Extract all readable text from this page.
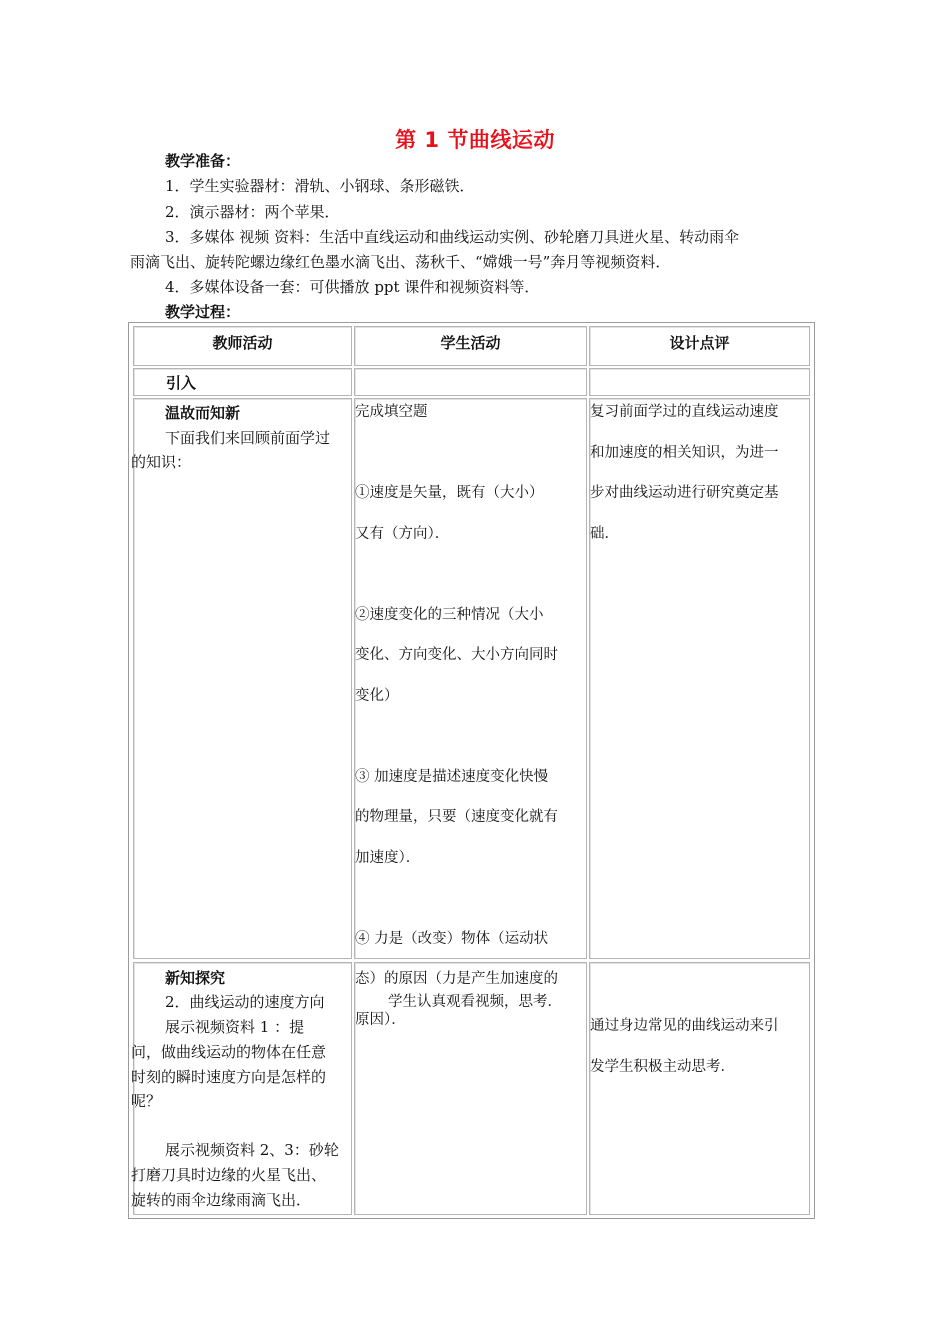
第 1 节曲线运动
教学准备：
1．学生实验器材：滑轨、小钢球、条形磁铁．
2．演示器材：两个苹果．
3．多媒体 视频 资料：生活中直线运动和曲线运动实例、砂轮磨刀具迸火星、转动雨伞
雨滴飞出、旋转陀螺边缘红色墨水滴飞出、荡秋千、“嫦娥一号”奔月等视频资料．
4．多媒体设备一套：可供播放 ppt 课件和视频资料等．
教学过程：
教师活动	学生活动	设计点评
引入
温故而知新
下面我们来回顾前面学过
的知识：
完成填空题

①速度是矢量，既有（大小）
又有（方向）．

②速度变化的三种情况（大小
变化、方向变化、大小方向同时
变化）

③ 加速度是描述速度变化快慢
的物理量，只要（速度变化就有
加速度）．

④ 力是（改变）物体（运动状
态）的原因（力是产生加速度的
原因）．
复习前面学过的直线运动速度
和加速度的相关知识，为进一
步对曲线运动进行研究奠定基
础．
新知探究
2．曲线运动的速度方向
展示视频资料 1 ：提
问，做曲线运动的物体在任意
时刻的瞬时速度方向是怎样的
呢？
展示视频资料 2、3：砂轮
打磨刀具时边缘的火星飞出、
旋转的雨伞边缘雨滴飞出．
学生认真观看视频，思考．
通过身边常见的曲线运动来引
发学生积极主动思考．
